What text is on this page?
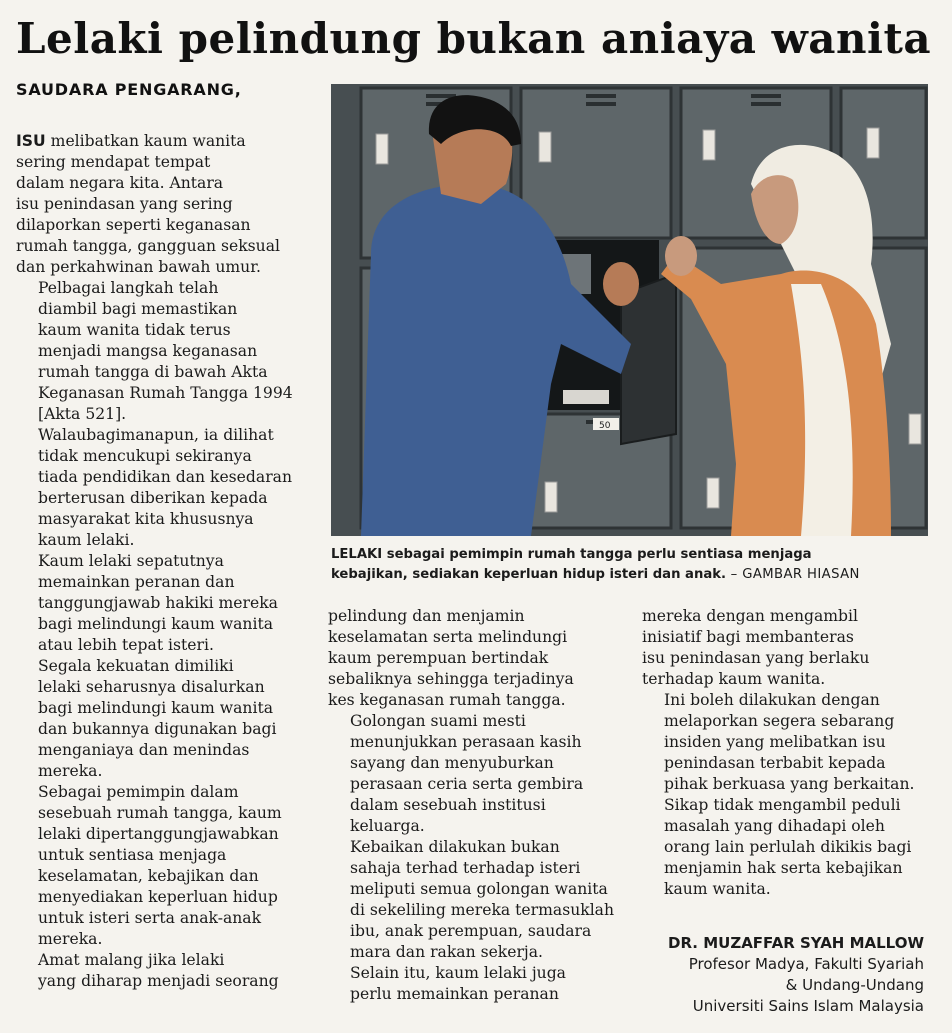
Lelaki pelindung bukan aniaya wanita
SAUDARA PENGARANG,

ISU melibatkan kaum wanita
sering mendapat tempat
dalam negara kita. Antara
isu penindasan yang sering
dilaporkan seperti keganasan
rumah tangga, gangguan seksual
dan perkahwinan bawah umur.

Pelbagai langkah telah
diambil bagi memastikan
kaum wanita tidak terus
menjadi mangsa keganasan
rumah tangga di bawah Akta
Keganasan Rumah Tangga 1994
[Akta 521].

Walaubagimanapun, ia dilihat
tidak mencukupi sekiranya
tiada pendidikan dan kesedaran
berterusan diberikan kepada
masyarakat kita khususnya
kaum lelaki.

Kaum lelaki sepatutnya
memainkan peranan dan
tanggungjawab hakiki mereka
bagi melindungi kaum wanita
atau lebih tepat isteri.

Segala kekuatan dimiliki
lelaki seharusnya disalurkan
bagi melindungi kaum wanita
dan bukannya digunakan bagi
menganiaya dan menindas
mereka.

Sebagai pemimpin dalam
sesebuah rumah tangga, kaum
lelaki dipertanggungjawabkan
untuk sentiasa menjaga
keselamatan, kebajikan dan
menyediakan keperluan hidup
untuk isteri serta anak-anak
mereka.

Amat malang jika lelaki
yang diharap menjadi seorang

50
LELAKI sebagai pemimpin rumah tangga perlu sentiasa menjaga
kebajikan, sediakan keperluan hidup isteri dan anak. – GAMBAR HIASAN

pelindung dan menjamin
keselamatan serta melindungi
kaum perempuan bertindak
sebaliknya sehingga terjadinya
kes keganasan rumah tangga.

Golongan suami mesti
menunjukkan perasaan kasih
sayang dan menyuburkan
perasaan ceria serta gembira
dalam sesebuah institusi
keluarga.

Kebaikan dilakukan bukan
sahaja terhad terhadap isteri
meliputi semua golongan wanita
di sekeliling mereka termasuklah
ibu, anak perempuan, saudara
mara dan rakan sekerja.

Selain itu, kaum lelaki juga
perlu memainkan peranan

mereka dengan mengambil
inisiatif bagi membanteras
isu penindasan yang berlaku
terhadap kaum wanita.

Ini boleh dilakukan dengan
melaporkan segera sebarang
insiden yang melibatkan isu
penindasan terbabit kepada
pihak berkuasa yang berkaitan.

Sikap tidak mengambil peduli
masalah yang dihadapi oleh
orang lain perlulah dikikis bagi
menjamin hak serta kebajikan
kaum wanita.

DR. MUZAFFAR SYAH MALLOW
Profesor Madya, Fakulti Syariah
& Undang-Undang
Universiti Sains Islam Malaysia
